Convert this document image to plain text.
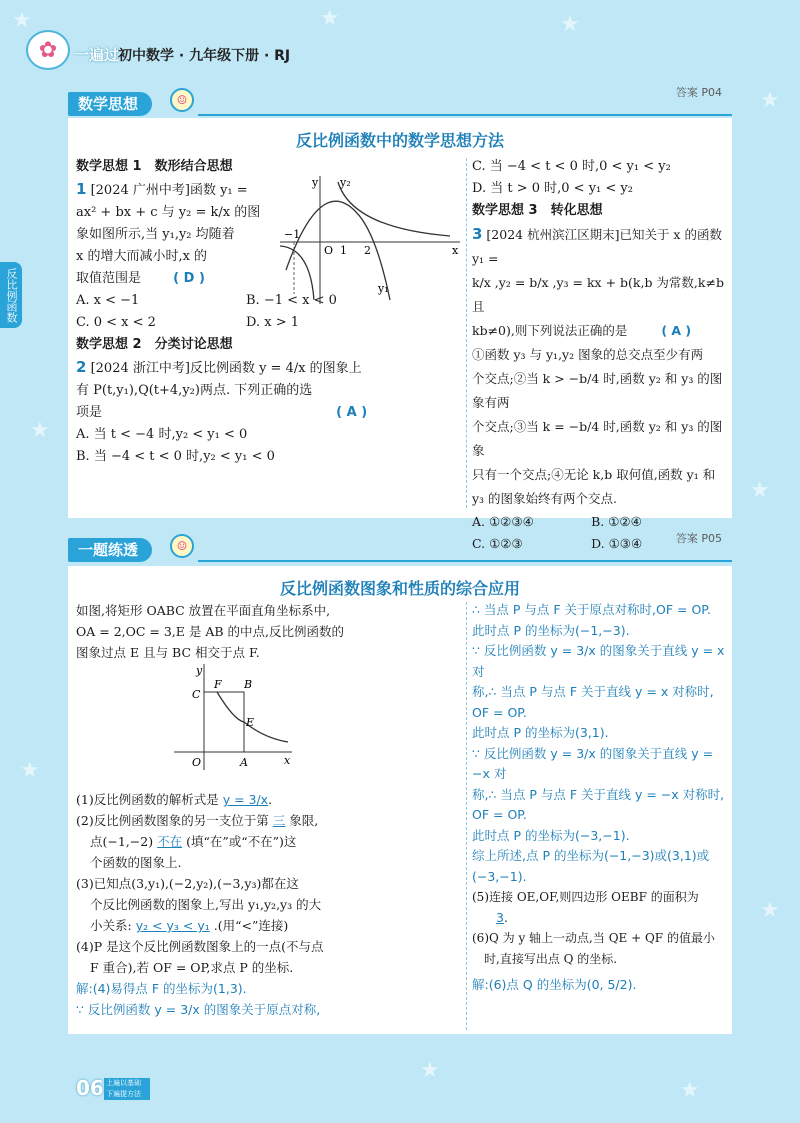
★	★	★
★
★
★
★
★
★
★
✿	一遍过
初中数学 · 九年级下册 · RJ
反比例函数
数学思想	☺
答案 P04
反比例函数中的数学思想方法
数学思想 1　数形结合思想
1 [2024 广州中考]函数 y₁ =
ax² + bx + c 与 y₂ = k/x 的图
象如图所示,当 y₁,y₂ 均随着
x 的增大而减小时,x 的
取值范围是 ( D )
A. x < −1	B. −1 < x < 0
C. 0 < x < 2	D. x > 1
数学思想 2　分类讨论思想
2 [2024 浙江中考]反比例函数 y = 4/x 的图象上
有 P(t,y₁),Q(t+4,y₂)两点. 下列正确的选
项是	( A )
A. 当 t < −4 时,y₂ < y₁ < 0
B. 当 −4 < t < 0 时,y₂ < y₁ < 0
y y₂
x
−1
O 1 2
y₁
C. 当 −4 < t < 0 时,0 < y₁ < y₂
D. 当 t > 0 时,0 < y₁ < y₂
数学思想 3　转化思想
3 [2024 杭州滨江区期末]已知关于 x 的函数 y₁ =
k/x ,y₂ = b/x ,y₃ = kx + b(k,b 为常数,k≠b 且
kb≠0),则下列说法正确的是	( A )
①函数 y₃ 与 y₁,y₂ 图象的总交点至少有两
个交点;②当 k > −b/4 时,函数 y₂ 和 y₃ 的图象有两
个交点;③当 k = −b/4 时,函数 y₂ 和 y₃ 的图象
只有一个交点;④无论 k,b 取何值,函数 y₁ 和
y₃ 的图象始终有两个交点.
A. ①②③④	B. ①②④
C. ①②③	D. ①③④
一题练透	☺
答案 P05
反比例函数图象和性质的综合应用
如图,将矩形 OABC 放置在平面直角坐标系中,
OA = 2,OC = 3,E 是 AB 的中点,反比例函数的
图象过点 E 且与 BC 相交于点 F.
(1)反比例函数的解析式是 y = 3/x.
(2)反比例函数图象的另一支位于第 三 象限,
点(−1,−2) 不在 (填“在”或“不在”)这
个函数的图象上.
(3)已知点(3,y₁),(−2,y₂),(−3,y₃)都在这
个反比例函数的图象上,写出 y₁,y₂,y₃ 的大
小关系: y₂ < y₃ < y₁ .(用“<”连接)
(4)P 是这个反比例函数图象上的一点(不与点
F 重合),若 OF = OP,求点 P 的坐标.
解:(4)易得点 F 的坐标为(1,3).
∵ 反比例函数 y = 3/x 的图象关于原点对称,
y
x
C
F B
E
O	A
∴ 当点 P 与点 F 关于原点对称时,OF = OP.
此时点 P 的坐标为(−1,−3).
∵ 反比例函数 y = 3/x 的图象关于直线 y = x 对
称,∴ 当点 P 与点 F 关于直线 y = x 对称时,
OF = OP.
此时点 P 的坐标为(3,1).
∵ 反比例函数 y = 3/x 的图象关于直线 y = −x 对
称,∴ 当点 P 与点 F 关于直线 y = −x 对称时,
OF = OP.
此时点 P 的坐标为(−3,−1).
综上所述,点 P 的坐标为(−1,−3)或(3,1)或
(−3,−1).
(5)连接 OE,OF,则四边形 OEBF 的面积为
3.
(6)Q 为 y 轴上一动点,当 QE + QF 的值最小
　时,直接写出点 Q 的坐标.
解:(6)点 Q 的坐标为(0, 5/2).
06 上遍以基础
下遍提方法
